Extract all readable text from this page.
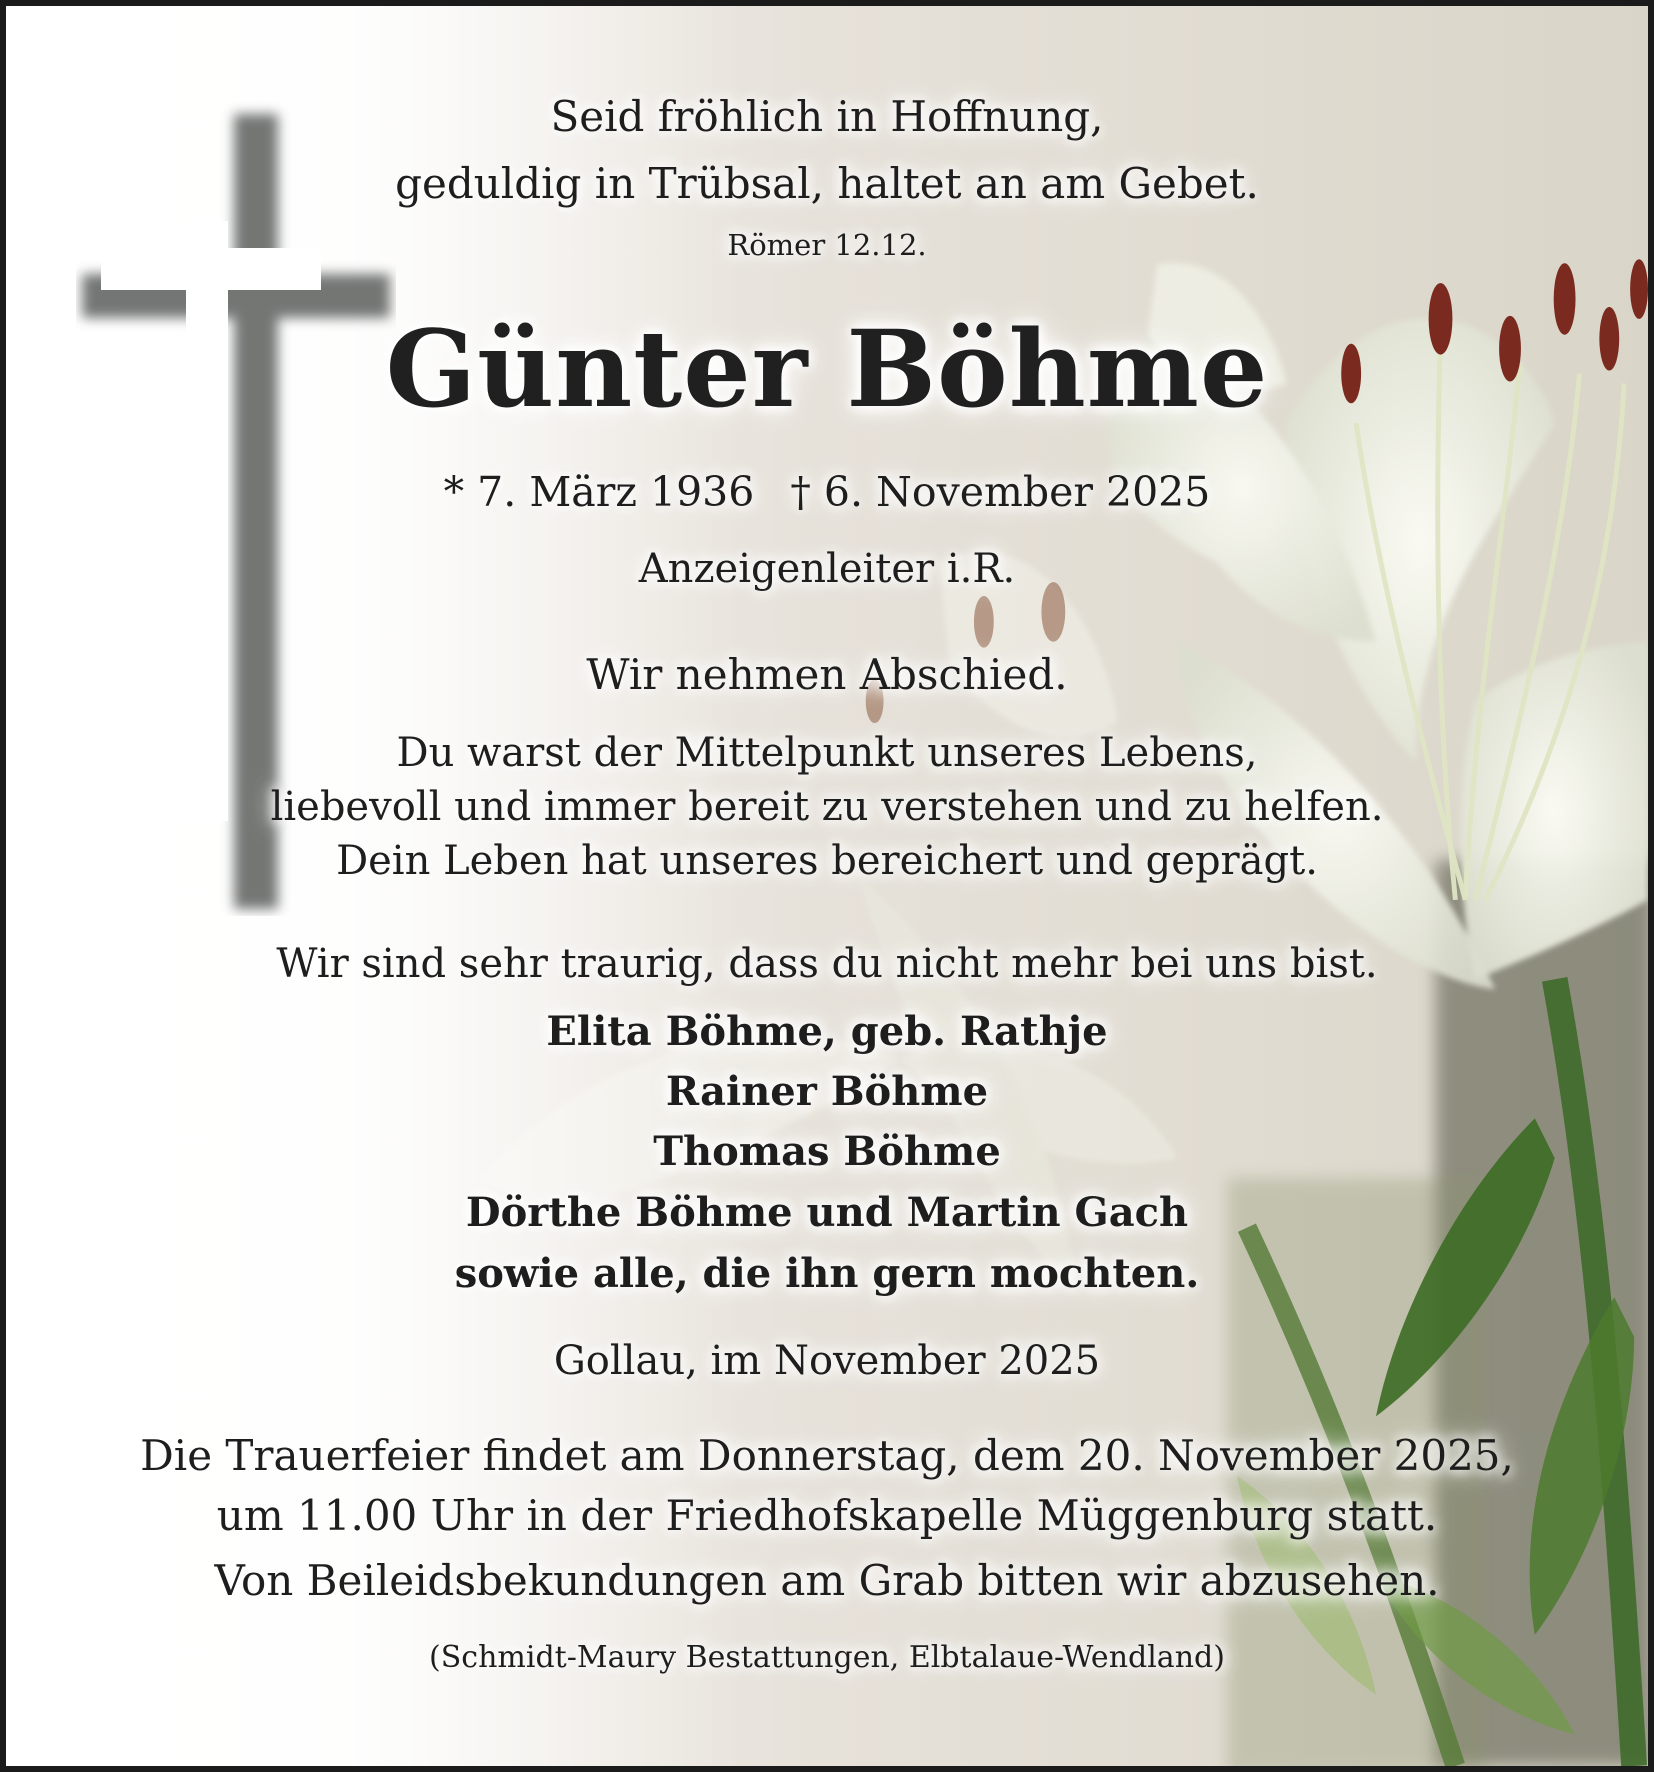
Seid fröhlich in Hoffnung,
geduldig in Trübsal, haltet an am Gebet.
Römer 12.12.
Günter Böhme
* 7. März 1936 † 6. November 2025
Anzeigenleiter i.R.
Wir nehmen Abschied.
Du warst der Mittelpunkt unseres Lebens,
liebevoll und immer bereit zu verstehen und zu helfen.
Dein Leben hat unseres bereichert und geprägt.
Wir sind sehr traurig, dass du nicht mehr bei uns bist.
Elita Böhme, geb. Rathje
Rainer Böhme
Thomas Böhme
Dörthe Böhme und Martin Gach
sowie alle, die ihn gern mochten.
Gollau, im November 2025
Die Trauerfeier findet am Donnerstag, dem 20. November 2025,
um 11.00 Uhr in der Friedhofskapelle Müggenburg statt.
Von Beileidsbekundungen am Grab bitten wir abzusehen.
(Schmidt-Maury Bestattungen, Elbtalaue-Wendland)
